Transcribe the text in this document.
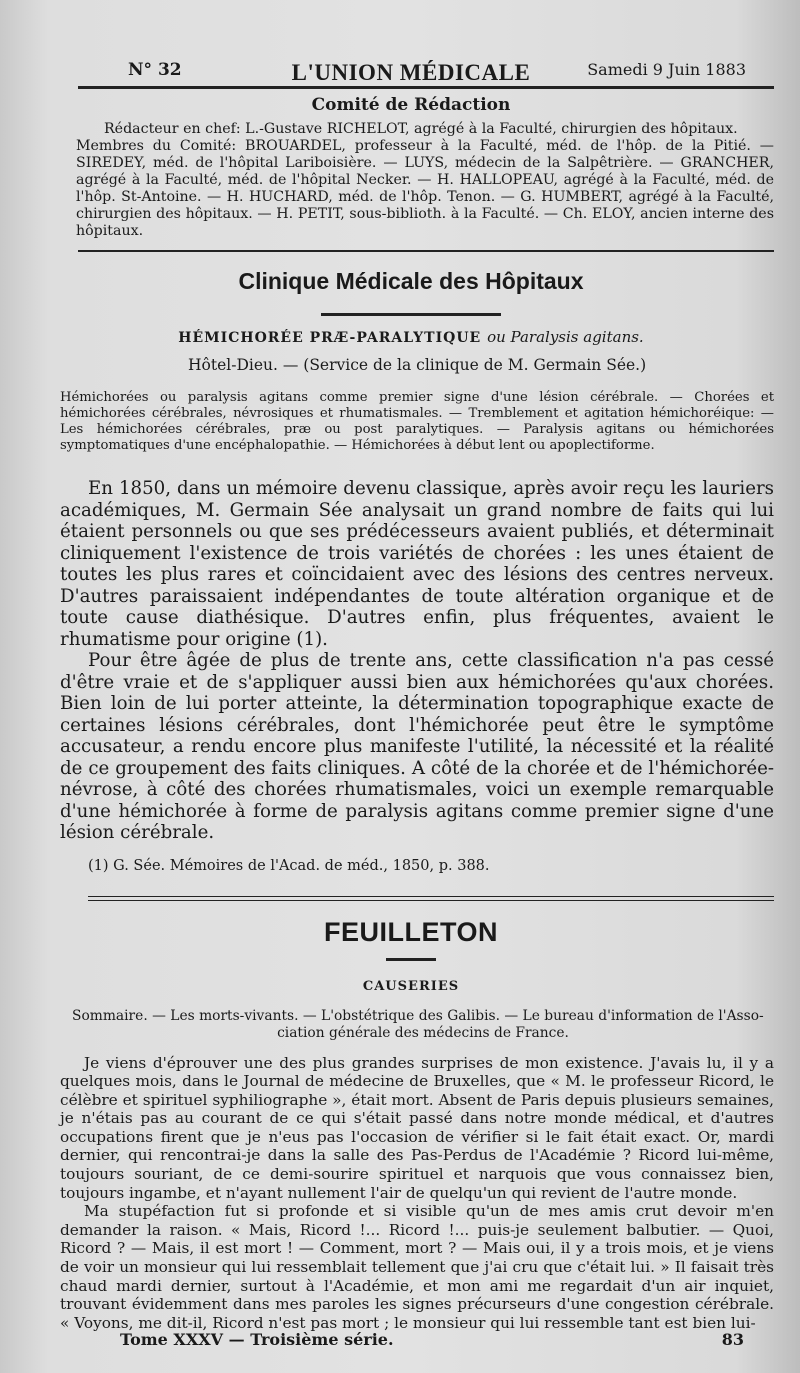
N° 32	L'UNION MÉDICALE	Samedi 9 Juin 1883
Comité de Rédaction

Rédacteur en chef: L.-Gustave RICHELOT, agrégé à la Faculté, chirurgien des hôpitaux.

Membres du Comité: BROUARDEL, professeur à la Faculté, méd. de l'hôp. de la Pitié. — SIREDEY, méd. de l'hôpital Lariboisière. — LUYS, médecin de la Salpêtrière. — GRANCHER, agrégé à la Faculté, méd. de l'hôpital Necker. — H. HALLOPEAU, agrégé à la Faculté, méd. de l'hôp. St-Antoine. — H. HUCHARD, méd. de l'hôp. Tenon. — G. HUMBERT, agrégé à la Faculté, chirurgien des hôpitaux. — H. PETIT, sous-biblioth. à la Faculté. — Ch. ELOY, ancien interne des hôpitaux.

Clinique Médicale des Hôpitaux
HÉMICHORÉE PRÆ-PARALYTIQUE ou Paralysis agitans.
Hôtel-Dieu. — (Service de la clinique de M. Germain Sée.)
Hémichorées ou paralysis agitans comme premier signe d'une lésion cérébrale. — Chorées et hémichorées cérébrales, névrosiques et rhumatismales. — Tremblement et agitation hémichoréique: — Les hémichorées cérébrales, præ ou post paralytiques. — Paralysis agitans ou hémichorées symptomatiques d'une encéphalopathie. — Hémichorées à début lent ou apoplectiforme.

En 1850, dans un mémoire devenu classique, après avoir reçu les lauriers académiques, M. Germain Sée analysait un grand nombre de faits qui lui étaient personnels ou que ses prédécesseurs avaient publiés, et déterminait cliniquement l'existence de trois variétés de chorées : les unes étaient de toutes les plus rares et coïncidaient avec des lésions des centres nerveux. D'autres paraissaient indépendantes de toute altération organique et de toute cause diathésique. D'autres enfin, plus fréquentes, avaient le rhumatisme pour origine (1).

Pour être âgée de plus de trente ans, cette classification n'a pas cessé d'être vraie et de s'appliquer aussi bien aux hémichorées qu'aux chorées. Bien loin de lui porter atteinte, la détermination topographique exacte de certaines lésions cérébrales, dont l'hémichorée peut être le symptôme accusateur, a rendu encore plus manifeste l'utilité, la nécessité et la réalité de ce groupement des faits cliniques. A côté de la chorée et de l'hémichorée-névrose, à côté des chorées rhumatismales, voici un exemple remarquable d'une hémichorée à forme de paralysis agitans comme premier signe d'une lésion cérébrale.

(1) G. Sée. Mémoires de l'Acad. de méd., 1850, p. 388.
FEUILLETON
CAUSERIES
Sommaire. — Les morts-vivants. — L'obstétrique des Galibis. — Le bureau d'information de l'Asso-
ciation générale des médecins de France.

Je viens d'éprouver une des plus grandes surprises de mon existence. J'avais lu, il y a quelques mois, dans le Journal de médecine de Bruxelles, que « M. le professeur Ricord, le célèbre et spirituel syphiliographe », était mort. Absent de Paris depuis plusieurs semaines, je n'étais pas au courant de ce qui s'était passé dans notre monde médical, et d'autres occupations firent que je n'eus pas l'occasion de vérifier si le fait était exact. Or, mardi dernier, qui rencontrai-je dans la salle des Pas-Perdus de l'Académie ? Ricord lui-même, toujours souriant, de ce demi-sourire spirituel et narquois que vous connaissez bien, toujours ingambe, et n'ayant nullement l'air de quelqu'un qui revient de l'autre monde.

Ma stupéfaction fut si profonde et si visible qu'un de mes amis crut devoir m'en demander la raison. « Mais, Ricord !... Ricord !... puis-je seulement balbutier. — Quoi, Ricord ? — Mais, il est mort ! — Comment, mort ? — Mais oui, il y a trois mois, et je viens de voir un monsieur qui lui ressemblait tellement que j'ai cru que c'était lui. » Il faisait très chaud mardi dernier, surtout à l'Académie, et mon ami me regardait d'un air inquiet, trouvant évidemment dans mes paroles les signes précurseurs d'une congestion cérébrale. « Voyons, me dit-il, Ricord n'est pas mort ; le monsieur qui lui ressemble tant est bien lui-

Tome XXXV — Troisième série.	83
